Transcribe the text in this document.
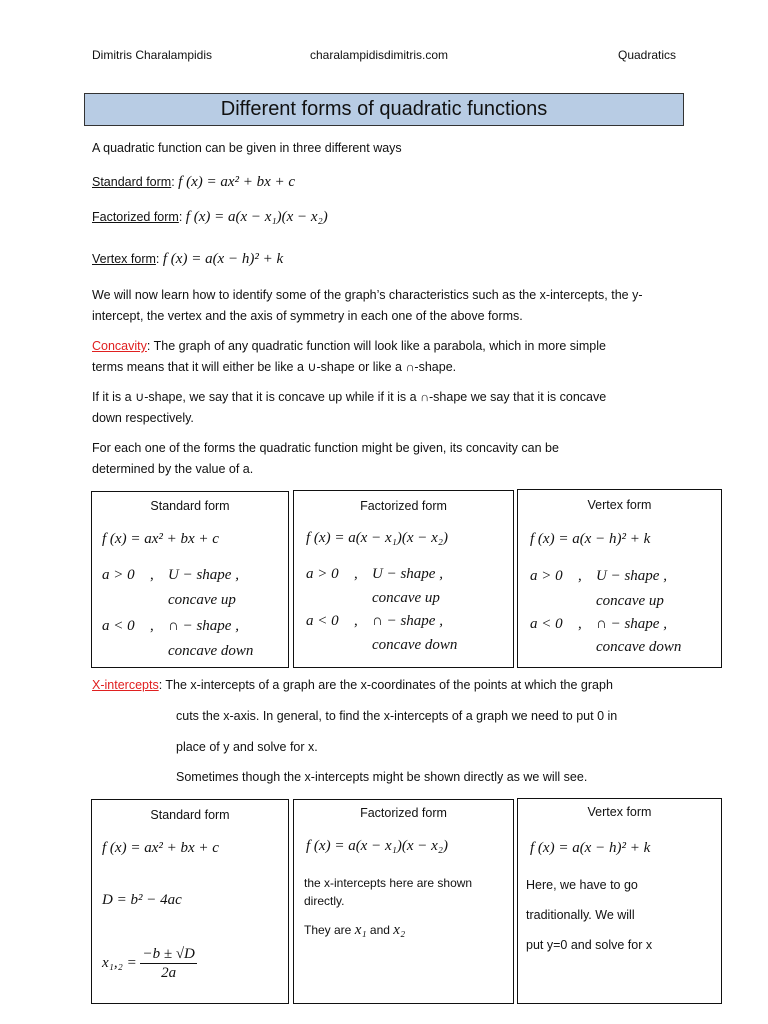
Dimitris Charalampidis	charalampidisdimitris.com	Quadratics
Different forms of quadratic functions
A quadratic function can be given in three different ways
Standard form: f (x) = ax² + bx + c
Factorized form: f (x) = a(x − x₁)(x − x₂)
Vertex form: f (x) = a(x − h)² + k
We will now learn how to identify some of the graph’s characteristics such as the x-intercepts, the y-intercept, the vertex and the axis of symmetry in each one of the above forms.
Concavity: The graph of any quadratic function will look like a parabola, which in more simple
terms means that it will either be like a ∪-shape or like a ∩-shape.
If it is a ∪-shape, we say that it is concave up while if it is a ∩-shape we say that it is concave
down respectively.
For each one of the forms the quadratic function might be given, its concavity can be
determined by the value of a.
Standard form
f (x) = ax² + bx + c
a > 0 , U − shape ,
concave up
a < 0 , ∩ − shape ,
concave down
Factorized form
f (x) = a(x − x₁)(x − x₂)
a > 0 , U − shape ,
concave up
a < 0 , ∩ − shape ,
concave down
Vertex form
f (x) = a(x − h)² + k
a > 0 , U − shape ,
concave up
a < 0 , ∩ − shape ,
concave down
X-intercepts: The x-intercepts of a graph are the x-coordinates of the points at which the graph
cuts the x-axis. In general, to find the x-intercepts of a graph we need to put 0 in
place of y and solve for x.
Sometimes though the x-intercepts might be shown directly as we will see.
Standard form
f (x) = ax² + bx + c
D = b² − 4ac
$x_1,_2 = \frac{-b \pm √D}{2a}$
Factorized form
f (x) = a(x − x₁)(x − x₂)
the x-intercepts here are shown directly.
They are x₁ and x₂
Vertex form
f (x) = a(x − h)² + k
Here, we have to go
traditionally. We will
put y=0 and solve for x
